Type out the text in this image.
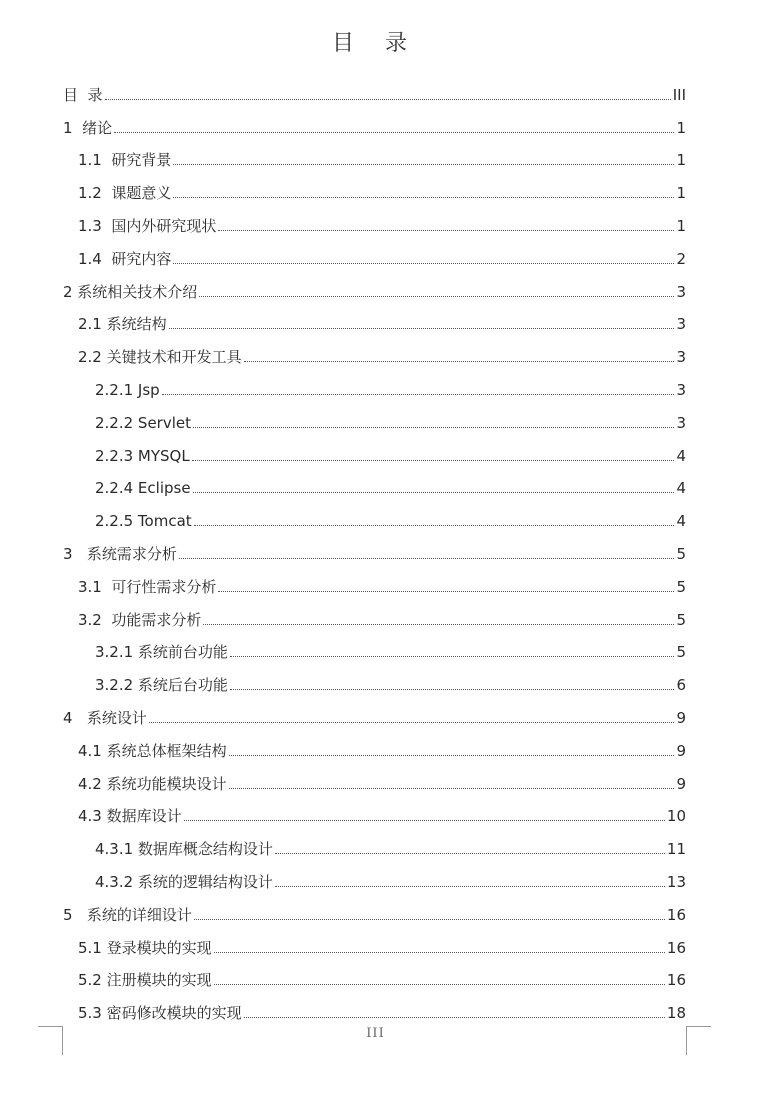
目 录
目  录	III
1  绪论	1
1.1  研究背景	1
1.2  课题意义	1
1.3  国内外研究现状	1
1.4  研究内容	2
2 系统相关技术介绍	3
2.1 系统结构	3
2.2 关键技术和开发工具	3
2.2.1 Jsp	3
2.2.2 Servlet	3
2.2.3 MYSQL	4
2.2.4 Eclipse	4
2.2.5 Tomcat	4
3   系统需求分析	5
3.1  可行性需求分析	5
3.2  功能需求分析	5
3.2.1 系统前台功能	5
3.2.2 系统后台功能	6
4   系统设计	9
4.1 系统总体框架结构	9
4.2 系统功能模块设计	9
4.3 数据库设计	10
4.3.1 数据库概念结构设计	11
4.3.2 系统的逻辑结构设计	13
5   系统的详细设计	16
5.1 登录模块的实现	16
5.2 注册模块的实现	16
5.3 密码修改模块的实现	18
III
